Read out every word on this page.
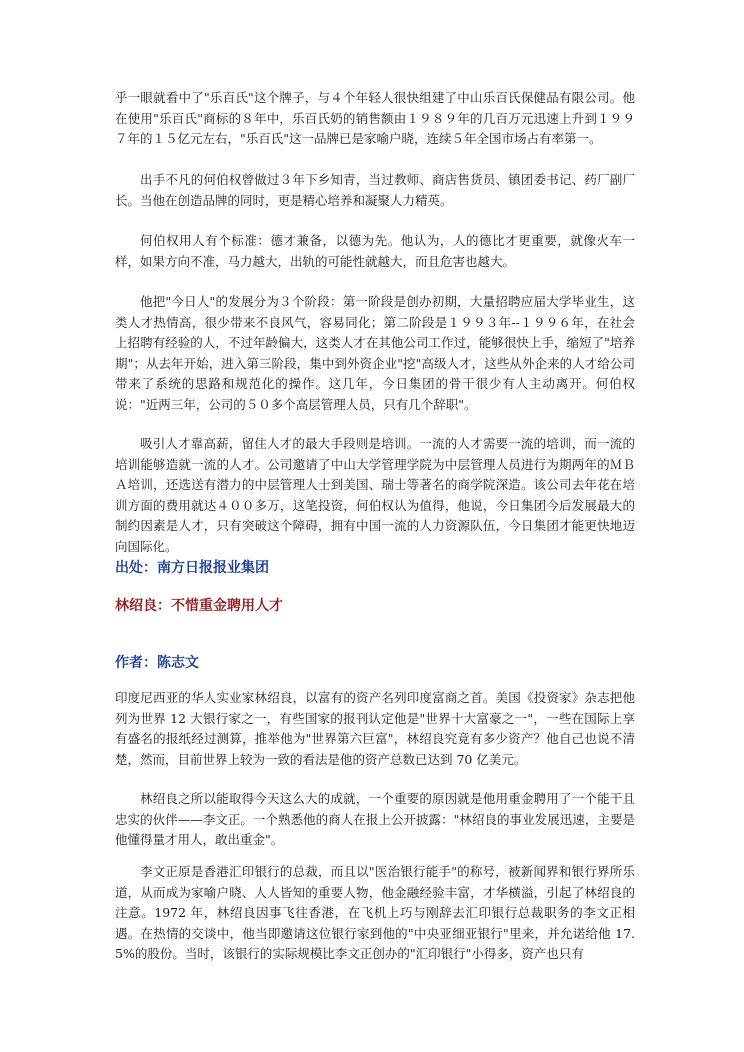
乎一眼就看中了"乐百氏"这个牌子，与４个年轻人很快组建了中山乐百氏保健品有限公司。他在使用"乐百氏"商标的８年中，乐百氏奶的销售额由１９８９年的几百万元迅速上升到１９９７年的１５亿元左右，"乐百氏"这一品牌已是家喻户晓，连续５年全国市场占有率第一。

出手不凡的何伯权曾做过３年下乡知青，当过教师、商店售货员、镇团委书记、药厂副厂长。当他在创造品牌的同时，更是精心培养和凝聚人力精英。

何伯权用人有个标准：德才兼备，以德为先。他认为，人的德比才更重要，就像火车一样，如果方向不准，马力越大，出轨的可能性就越大，而且危害也越大。

他把"今日人"的发展分为３个阶段：第一阶段是创办初期，大量招聘应届大学毕业生，这类人才热情高，很少带来不良风气，容易同化；第二阶段是１９９３年--１９９６年，在社会上招聘有经验的人，不过年龄偏大，这类人才在其他公司工作过，能够很快上手，缩短了"培养期"；从去年开始，进入第三阶段，集中到外资企业"挖"高级人才，这些从外企来的人才给公司带来了系统的思路和规范化的操作。这几年，今日集团的骨干很少有人主动离开。何伯权说："近两三年，公司的５０多个高层管理人员，只有几个辞职"。

吸引人才靠高薪，留住人才的最大手段则是培训。一流的人才需要一流的培训，而一流的培训能够造就一流的人才。公司邀请了中山大学管理学院为中层管理人员进行为期两年的ＭＢＡ培训，还选送有潜力的中层管理人士到美国、瑞士等著名的商学院深造。该公司去年花在培训方面的费用就达４００多万，这笔投资，何伯权认为值得，他说，今日集团今后发展最大的制约因素是人才，只有突破这个障碍，拥有中国一流的人力资源队伍，今日集团才能更快地迈向国际化。

出处：南方日报报业集团

林绍良：不惜重金聘用人才

作者：陈志文

印度尼西亚的华人实业家林绍良，以富有的资产名列印度富商之首。美国《投资家》杂志把他列为世界 12 大银行家之一，有些国家的报刊认定他是"世界十大富豪之一"，一些在国际上享有盛名的报纸经过测算，推举他为"世界第六巨富"，林绍良究竟有多少资产？他自己也说不清楚，然而，目前世界上较为一致的看法是他的资产总数已达到 70 亿美元。

林绍良之所以能取得今天这么大的成就，一个重要的原因就是他用重金聘用了一个能干且忠实的伙伴——李文正。一个熟悉他的商人在报上公开披露："林绍良的事业发展迅速，主要是他懂得量才用人，敢出重金"。

李文正原是香港汇印银行的总裁，而且以"医治银行能手"的称号，被新闻界和银行界所乐道，从而成为家喻户晓、人人皆知的重要人物，他金融经验丰富，才华横溢，引起了林绍良的注意。1972 年，林绍良因事飞往香港，在飞机上巧与刚辞去汇印银行总裁职务的李文正相遇。在热情的交谈中，他当即邀请这位银行家到他的"中央亚细亚银行"里来，并允诺给他 17.5%的股份。当时，该银行的实际规模比李文正创办的"汇印银行"小得多，资产也只有
